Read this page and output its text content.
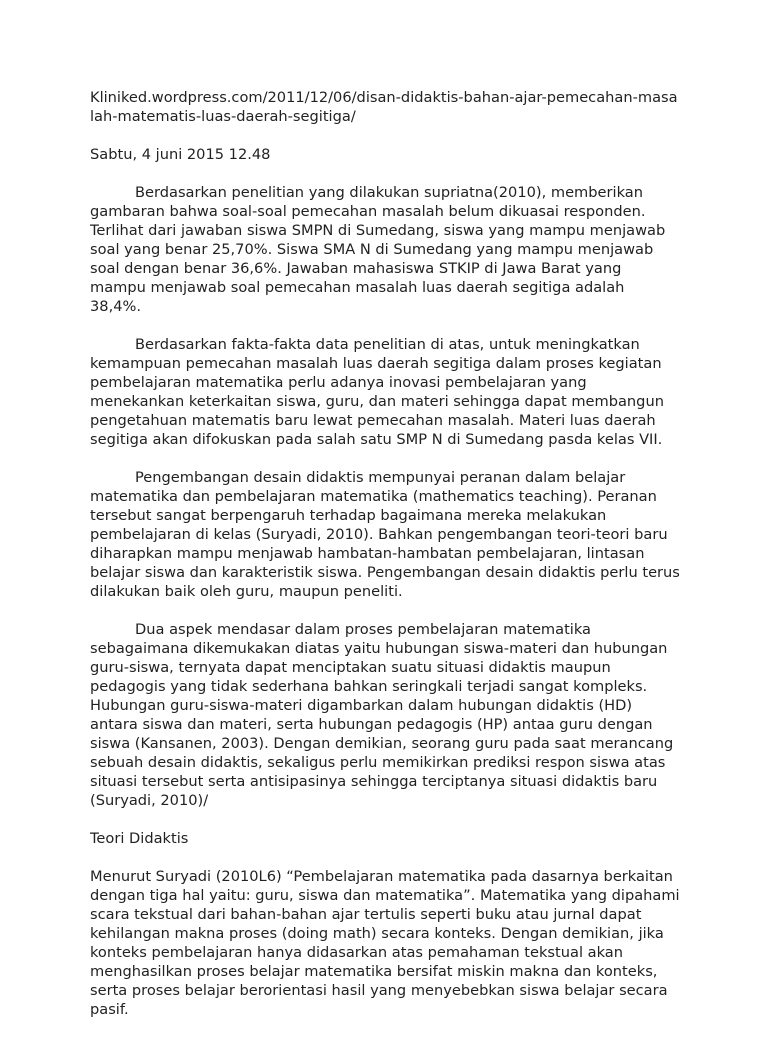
Kliniked.wordpress.com/2011/12/06/disan-didaktis-bahan-ajar-pemecahan-masalah-matematis-luas-daerah-segitiga/
Sabtu, 4 juni 2015 12.48

Berdasarkan penelitian yang dilakukan supriatna(2010), memberikan gambaran bahwa soal-soal pemecahan masalah belum dikuasai responden. Terlihat dari jawaban siswa SMPN di Sumedang, siswa yang mampu menjawab soal yang benar 25,70%. Siswa SMA N di Sumedang yang mampu menjawab soal dengan benar 36,6%. Jawaban mahasiswa STKIP di Jawa Barat yang mampu menjawab soal pemecahan masalah luas daerah segitiga adalah 38,4%.

Berdasarkan fakta-fakta data penelitian di atas, untuk meningkatkan kemampuan pemecahan masalah luas daerah segitiga dalam proses kegiatan pembelajaran matematika perlu adanya inovasi pembelajaran yang menekankan keterkaitan siswa, guru, dan materi sehingga dapat membangun pengetahuan matematis baru lewat pemecahan masalah. Materi luas daerah segitiga akan difokuskan pada salah satu SMP N di Sumedang pasda kelas VII.

Pengembangan desain didaktis mempunyai peranan dalam belajar matematika dan pembelajaran matematika (mathematics teaching). Peranan tersebut sangat berpengaruh terhadap bagaimana mereka melakukan pembelajaran di kelas (Suryadi, 2010). Bahkan pengembangan teori-teori baru diharapkan mampu menjawab hambatan-hambatan pembelajaran, lintasan belajar siswa dan karakteristik siswa. Pengembangan desain didaktis perlu terus dilakukan baik oleh guru, maupun peneliti.

Dua aspek mendasar dalam proses pembelajaran matematika sebagaimana dikemukakan diatas yaitu hubungan siswa-materi dan hubungan guru-siswa, ternyata dapat menciptakan suatu situasi didaktis maupun pedagogis yang tidak sederhana bahkan seringkali terjadi sangat kompleks. Hubungan guru-siswa-materi digambarkan dalam hubungan didaktis (HD) antara siswa dan materi, serta hubungan pedagogis (HP) antaa guru dengan siswa (Kansanen, 2003). Dengan demikian, seorang guru pada saat merancang sebuah desain didaktis, sekaligus perlu memikirkan prediksi respon siswa atas situasi tersebut serta antisipasinya sehingga terciptanya situasi didaktis baru (Suryadi, 2010)/

Teori Didaktis

Menurut Suryadi (2010L6) “Pembelajaran matematika pada dasarnya berkaitan dengan tiga hal yaitu: guru, siswa dan matematika”. Matematika yang dipahami scara tekstual dari bahan-bahan ajar tertulis seperti buku atau jurnal dapat kehilangan makna proses (doing math) secara konteks. Dengan demikian, jika konteks pembelajaran hanya didasarkan atas pemahaman tekstual akan menghasilkan proses belajar matematika bersifat miskin makna dan konteks, serta proses belajar berorientasi hasil yang menyebebkan siswa belajar secara pasif.
